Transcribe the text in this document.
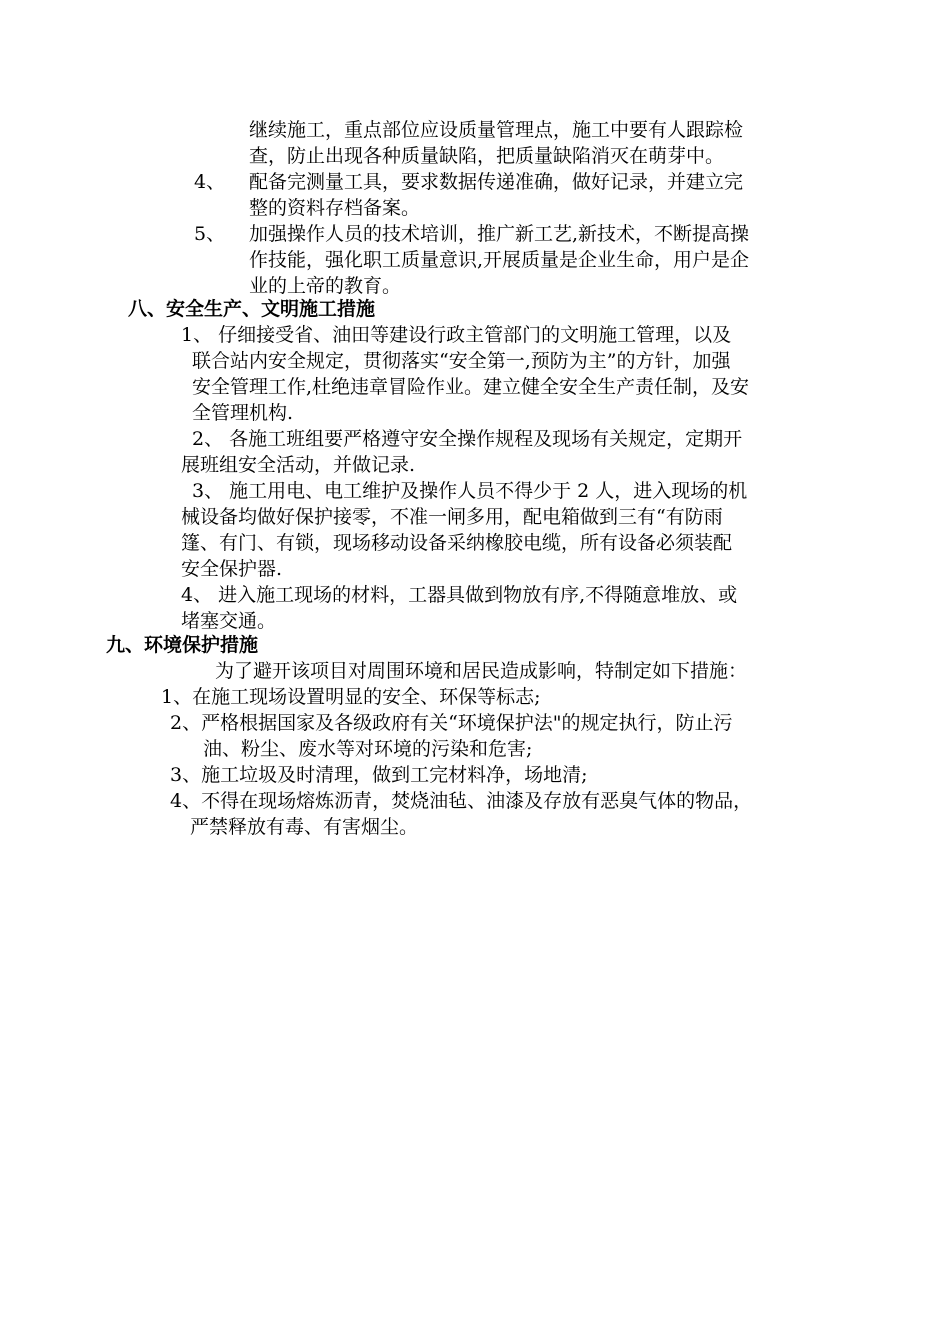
继续施工，重点部位应设质量管理点，施工中要有人跟踪检
查，防止出现各种质量缺陷，把质量缺陷消灭在萌芽中。
4、 配备完测量工具，要求数据传递准确，做好记录，并建立完
整的资料存档备案。
5、 加强操作人员的技术培训，推广新工艺,新技术，不断提高操
作技能，强化职工质量意识,开展质量是企业生命，用户是企
业的上帝的教育。
八、安全生产、文明施工措施
1、 仔细接受省、油田等建设行政主管部门的文明施工管理，以及
联合站内安全规定，贯彻落实“安全第一,预防为主”的方针，加强
安全管理工作,杜绝违章冒险作业。建立健全安全生产责任制，及安
全管理机构.
2、 各施工班组要严格遵守安全操作规程及现场有关规定，定期开
展班组安全活动，并做记录.
3、 施工用电、电工维护及操作人员不得少于 2 人，进入现场的机
械设备均做好保护接零，不准一闸多用，配电箱做到三有“有防雨
篷、有门、有锁，现场移动设备采纳橡胶电缆，所有设备必须装配
安全保护器.
4、 进入施工现场的材料，工器具做到物放有序,不得随意堆放、或
堵塞交通。
九、环境保护措施
为了避开该项目对周围环境和居民造成影响，特制定如下措施：
1、在施工现场设置明显的安全、环保等标志;
2、严格根据国家及各级政府有关“环境保护法"的规定执行，防止污
油、粉尘、废水等对环境的污染和危害;
3、施工垃圾及时清理，做到工完材料净，场地清;
4、不得在现场熔炼沥青，焚烧油毡、油漆及存放有恶臭气体的物品，
严禁释放有毒、有害烟尘。
